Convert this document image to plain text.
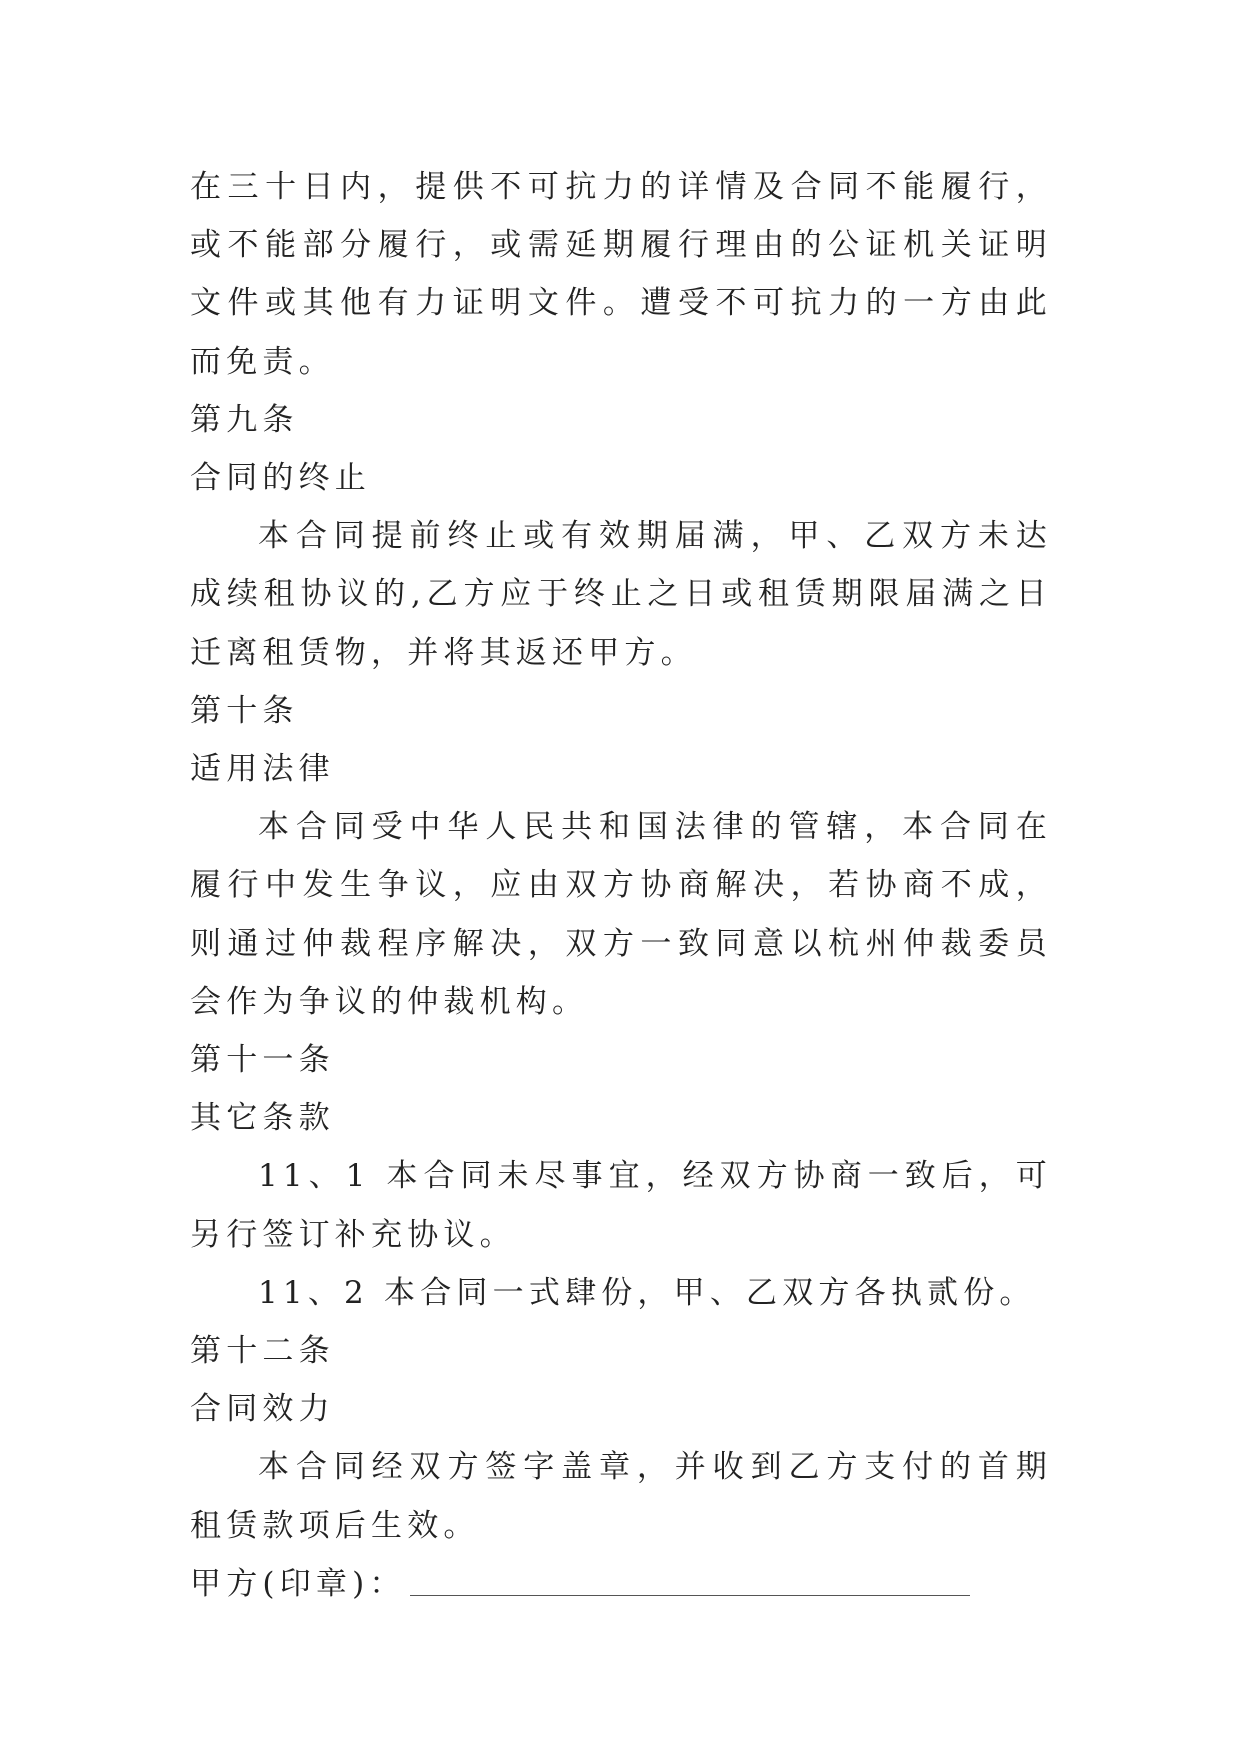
在三十日内，提供不可抗力的详情及合同不能履行，或不能部分履行，或需延期履行理由的公证机关证明文件或其他有力证明文件。遭受不可抗力的一方由此而免责。

第九条

合同的终止

本合同提前终止或有效期届满，甲、乙双方未达成续租协议的,乙方应于终止之日或租赁期限届满之日迁离租赁物，并将其返还甲方。

第十条

适用法律

本合同受中华人民共和国法律的管辖，本合同在履行中发生争议，应由双方协商解决，若协商不成，则通过仲裁程序解决，双方一致同意以杭州仲裁委员会作为争议的仲裁机构。

第十一条

其它条款

11、1 本合同未尽事宜，经双方协商一致后，可另行签订补充协议。

11、2 本合同一式肆份，甲、乙双方各执贰份。

第十二条

合同效力

本合同经双方签字盖章，并收到乙方支付的首期租赁款项后生效。

甲方(印章)：
